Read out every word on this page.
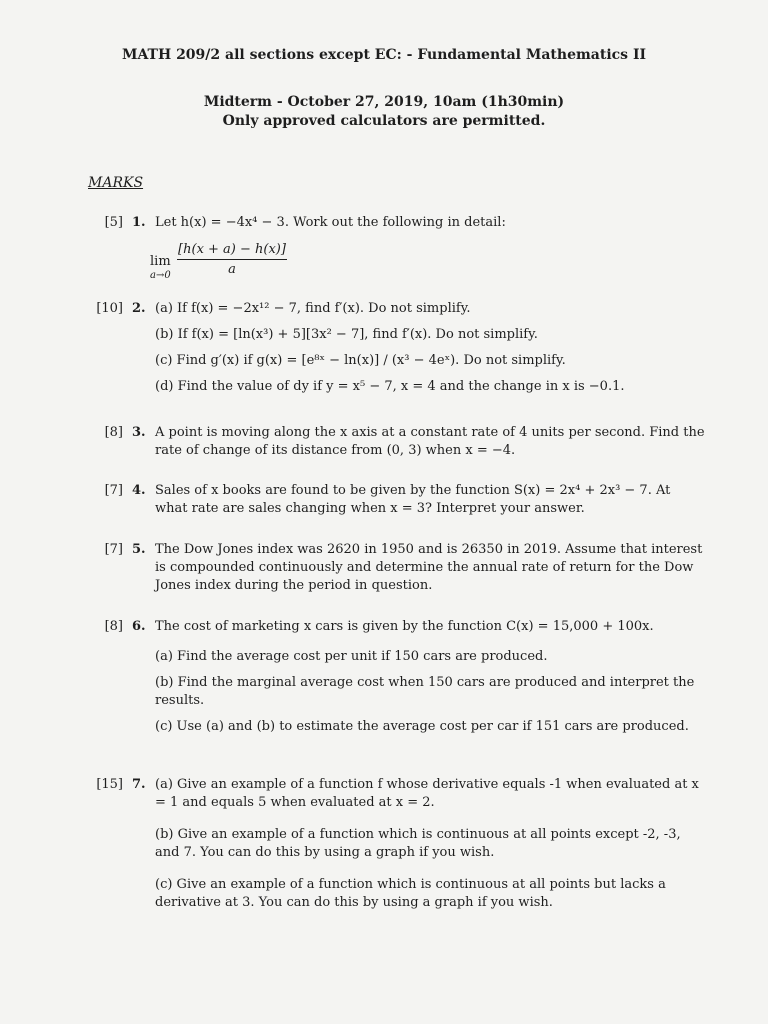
MATH 209/2 all sections except EC: - Fundamental Mathematics II
Midterm - October 27, 2019, 10am (1h30min)
Only approved calculators are permitted.
MARKS
[5] 1. Let h(x) = −4x⁴ − 3. Work out the following in detail:
lim
$a\to 0 \frac{[h(x + a) - h(x)]}{a}$
[10] 2. (a) If f(x) = −2x¹² − 7, find f′(x). Do not simplify.
(b) If f(x) = [ln(x³) + 5][3x² − 7], find f′(x). Do not simplify.
(c) Find g′(x) if g(x) = [e⁸ˣ − ln(x)] / (x³ − 4eˣ). Do not simplify.
(d) Find the value of dy if y = x⁵ − 7, x = 4 and the change in x is −0.1.
[8] 3. A point is moving along the x axis at a constant rate of 4 units per second. Find the rate of change of its distance from (0, 3) when x = −4.
[7] 4. Sales of x books are found to be given by the function S(x) = 2x⁴ + 2x³ − 7. At what rate are sales changing when x = 3? Interpret your answer.
[7] 5. The Dow Jones index was 2620 in 1950 and is 26350 in 2019. Assume that interest is compounded continuously and determine the annual rate of return for the Dow Jones index during the period in question.
[8] 6. The cost of marketing x cars is given by the function C(x) = 15,000 + 100x.
(a) Find the average cost per unit if 150 cars are produced.
(b) Find the marginal average cost when 150 cars are produced and interpret the results.
(c) Use (a) and (b) to estimate the average cost per car if 151 cars are produced.
[15] 7. (a) Give an example of a function f whose derivative equals -1 when evaluated at x = 1 and equals 5 when evaluated at x = 2.
(b) Give an example of a function which is continuous at all points except -2, -3, and 7. You can do this by using a graph if you wish.
(c) Give an example of a function which is continuous at all points but lacks a derivative at 3. You can do this by using a graph if you wish.
